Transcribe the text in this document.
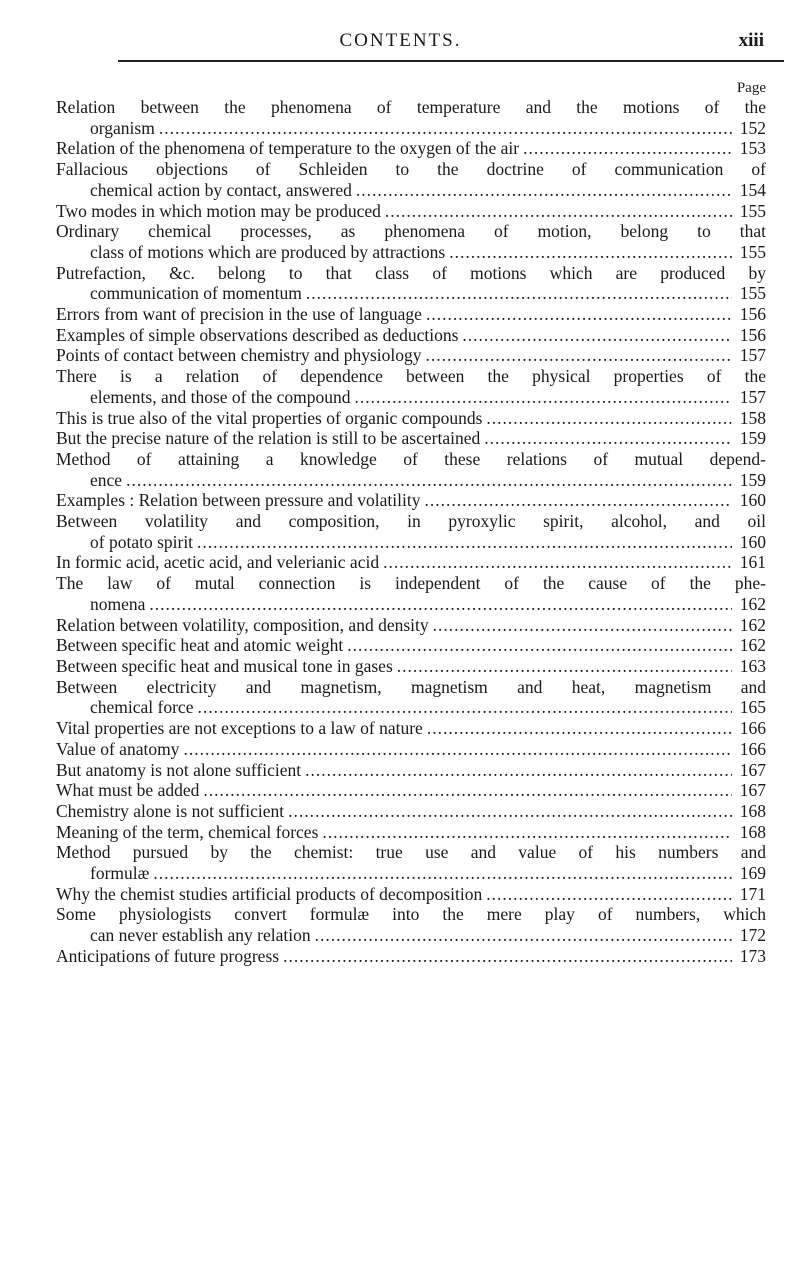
CONTENTS.	xiii
Page
Relation between the phenomena of temperature and the motions of the
organism .....	152
Relation of the phenomena of temperature to the oxygen of the air .....	153
Fallacious objections of Schleiden to the doctrine of communication of
chemical action by contact, answered .....	154
Two modes in which motion may be produced .....	155
Ordinary chemical processes, as phenomena of motion, belong to that
class of motions which are produced by attractions .....	155
Putrefaction, &c. belong to that class of motions which are produced by
communication of momentum .....	155
Errors from want of precision in the use of language .....	156
Examples of simple observations described as deductions .....	156
Points of contact between chemistry and physiology .....	157
There is a relation of dependence between the physical properties of the
elements, and those of the compound .....	157
This is true also of the vital properties of organic compounds .....	158
But the precise nature of the relation is still to be ascertained .....	159
Method of attaining a knowledge of these relations of mutual depend-
ence .....	159
Examples : Relation between pressure and volatility .....	160
Between volatility and composition, in pyroxylic spirit, alcohol, and oil
of potato spirit .....	160
In formic acid, acetic acid, and velerianic acid .....	161
The law of mutal connection is independent of the cause of the phe-
nomena .....	162
Relation between volatility, composition, and density .....	162
Between specific heat and atomic weight .....	162
Between specific heat and musical tone in gases .....	163
Between electricity and magnetism, magnetism and heat, magnetism and
chemical force .....	165
Vital properties are not exceptions to a law of nature .....	166
Value of anatomy .....	166
But anatomy is not alone sufficient .....	167
What must be added .....	167
Chemistry alone is not sufficient .....	168
Meaning of the term, chemical forces .....	168
Method pursued by the chemist: true use and value of his numbers and
formulæ .....	169
Why the chemist studies artificial products of decomposition .....	171
Some physiologists convert formulæ into the mere play of numbers, which
can never establish any relation .....	172
Anticipations of future progress .....	173
